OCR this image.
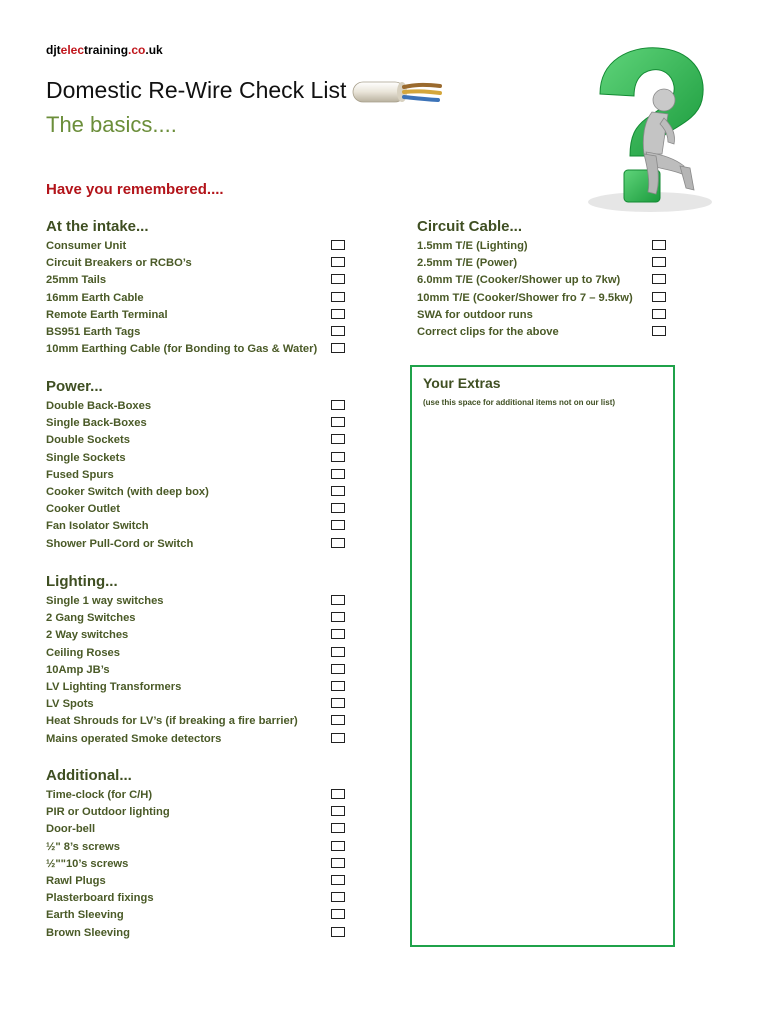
djtelectraining.co.uk
Domestic Re-Wire Check List

The basics....

Have you remembered....

At the intake...
Consumer Unit
Circuit Breakers or RCBO’s
25mm Tails
16mm Earth Cable
Remote Earth Terminal
BS951 Earth Tags
10mm Earthing Cable (for Bonding to Gas & Water)
Power...
Double Back-Boxes
Single Back-Boxes
Double Sockets
Single Sockets
Fused Spurs
Cooker Switch (with deep box)
Cooker Outlet
Fan Isolator Switch
Shower Pull-Cord or Switch
Lighting...
Single 1 way switches
2 Gang Switches
2 Way switches
Ceiling Roses
10Amp JB’s
LV Lighting Transformers
LV Spots
Heat Shrouds for LV’s (if breaking a fire barrier)
Mains operated Smoke detectors
Additional...
Time-clock (for C/H)
PIR or Outdoor lighting
Door-bell
½" 8’s screws
½""10’s screws
Rawl Plugs
Plasterboard fixings
Earth Sleeving
Brown Sleeving
Circuit Cable...
1.5mm T/E (Lighting)
2.5mm T/E (Power)
6.0mm T/E (Cooker/Shower up to 7kw)
10mm T/E (Cooker/Shower fro 7 – 9.5kw)
SWA for outdoor runs
Correct clips for the above
Your Extras

(use this space for additional items not on our list)
